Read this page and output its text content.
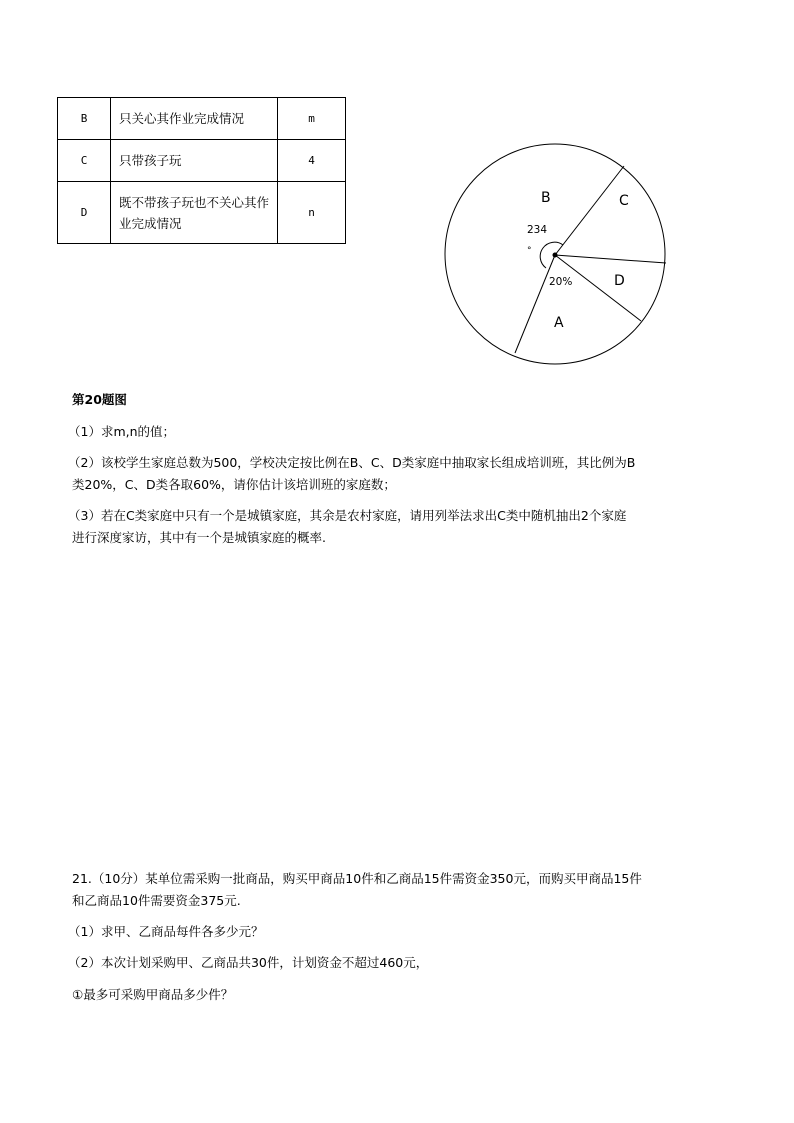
B	只关心其作业完成情况	m
C	只带孩子玩	4
D	既不带孩子玩也不关心其作业完成情况	n
B	C
D
A
234
°
20%
第20题图
（1）求m,n的值；
（2）该校学生家庭总数为500，学校决定按比例在B、C、D类家庭中抽取家长组成培训班，其比例为B
类20%，C、D类各取60%，请你估计该培训班的家庭数；
（3）若在C类家庭中只有一个是城镇家庭，其余是农村家庭，请用列举法求出C类中随机抽出2个家庭
进行深度家访，其中有一个是城镇家庭的概率.
21.（10分）某单位需采购一批商品，购买甲商品10件和乙商品15件需资金350元，而购买甲商品15件
和乙商品10件需要资金375元.
（1）求甲、乙商品每件各多少元？
（2）本次计划采购甲、乙商品共30件，计划资金不超过460元，
①最多可采购甲商品多少件？
